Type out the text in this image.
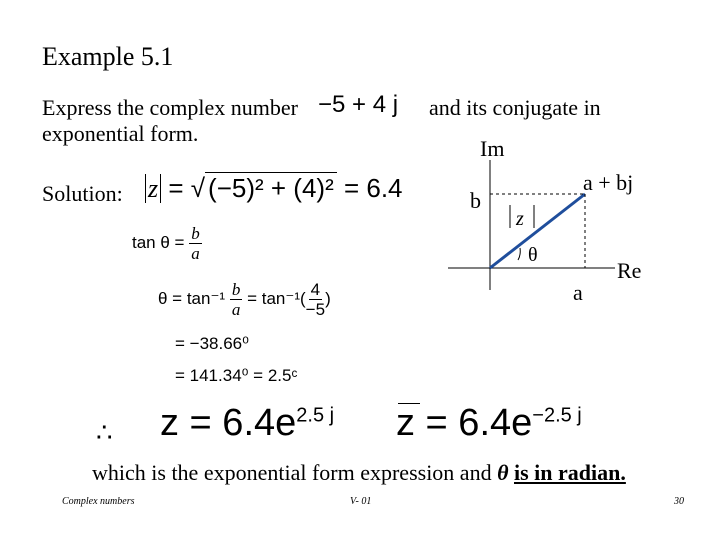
Example 5.1
Express the complex number −5 + 4 j and its conjugate in
exponential form.
Solution: z = √ (−5)² + (4)² = 6.4
$\tan \theta = \frac{b}{a}$
$\theta = \tan^{-1} \frac{b}{a} = \tan^{-1}( \frac{4}{-5}$ )
= −38.66⁰
= 141.34⁰ = 2.5ᶜ
Im
Re
b
a
a + bj
z
θ
∴ $z = 6.4e^{2.5 j}$ $z = 6.4e^{-2.5 j}$
which is the exponential form expression and θ is in radian.
Complex numbers	V- 01	30
